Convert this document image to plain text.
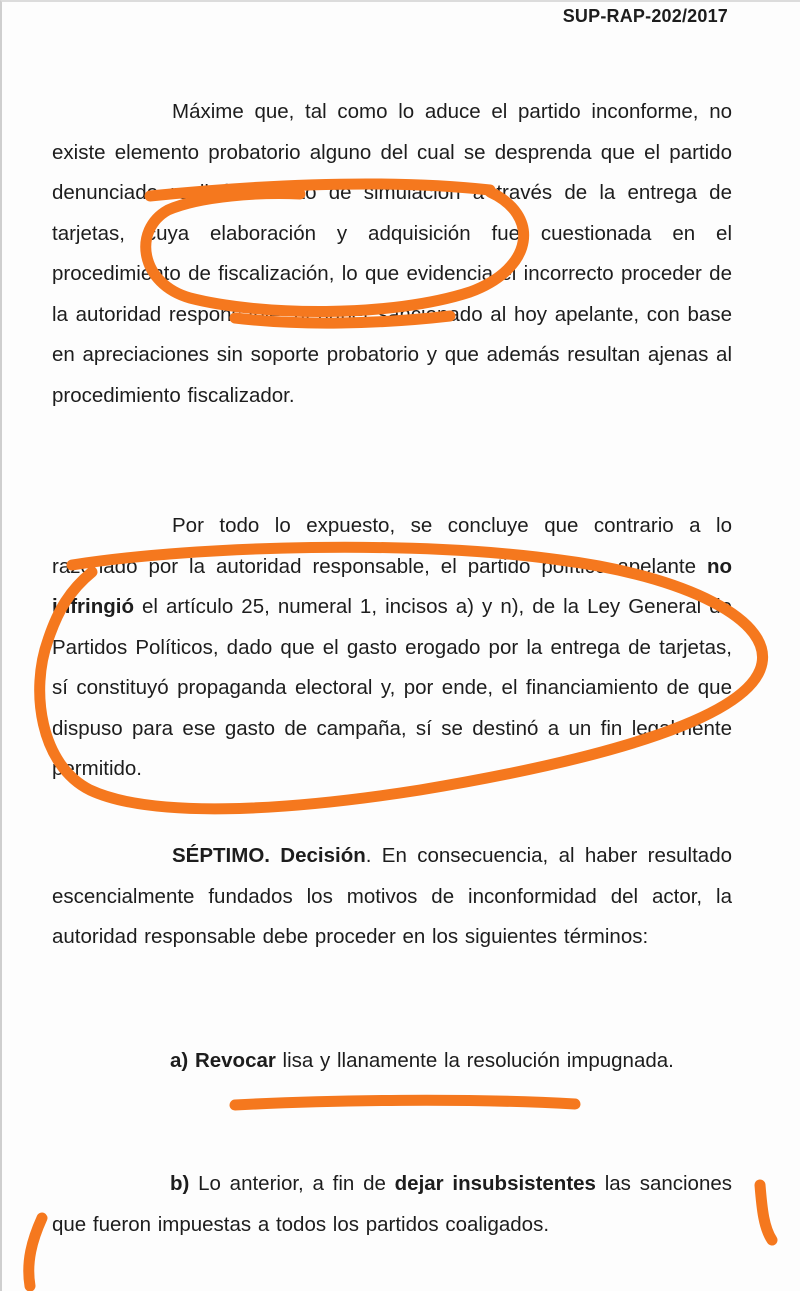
SUP-RAP-202/2017
Máxime que, tal como lo aduce el partido inconforme, no existe elemento probatorio alguno del cual se desprenda que el partido denunciado realizó un acto de simulación a través de la entrega de tarjetas, cuya elaboración y adquisición fue cuestionada en el procedimiento de fiscalización, lo que evidencia el incorrecto proceder de la autoridad responsable, al haber sancionado al hoy apelante, con base en apreciaciones sin soporte probatorio y que además resultan ajenas al procedimiento fiscalizador.
Por todo lo expuesto, se concluye que contrario a lo razonado por la autoridad responsable, el partido político apelante no infringió el artículo 25, numeral 1, incisos a) y n), de la Ley General de Partidos Políticos, dado que el gasto erogado por la entrega de tarjetas, sí constituyó propaganda electoral y, por ende, el financiamiento de que dispuso para ese gasto de campaña, sí se destinó a un fin legalmente permitido.
SÉPTIMO. Decisión. En consecuencia, al haber resultado escencialmente fundados los motivos de inconformidad del actor, la autoridad responsable debe proceder en los siguientes términos:
a) Revocar lisa y llanamente la resolución impugnada.
b) Lo anterior, a fin de dejar insubsistentes las sanciones que fueron impuestas a todos los partidos coaligados.
